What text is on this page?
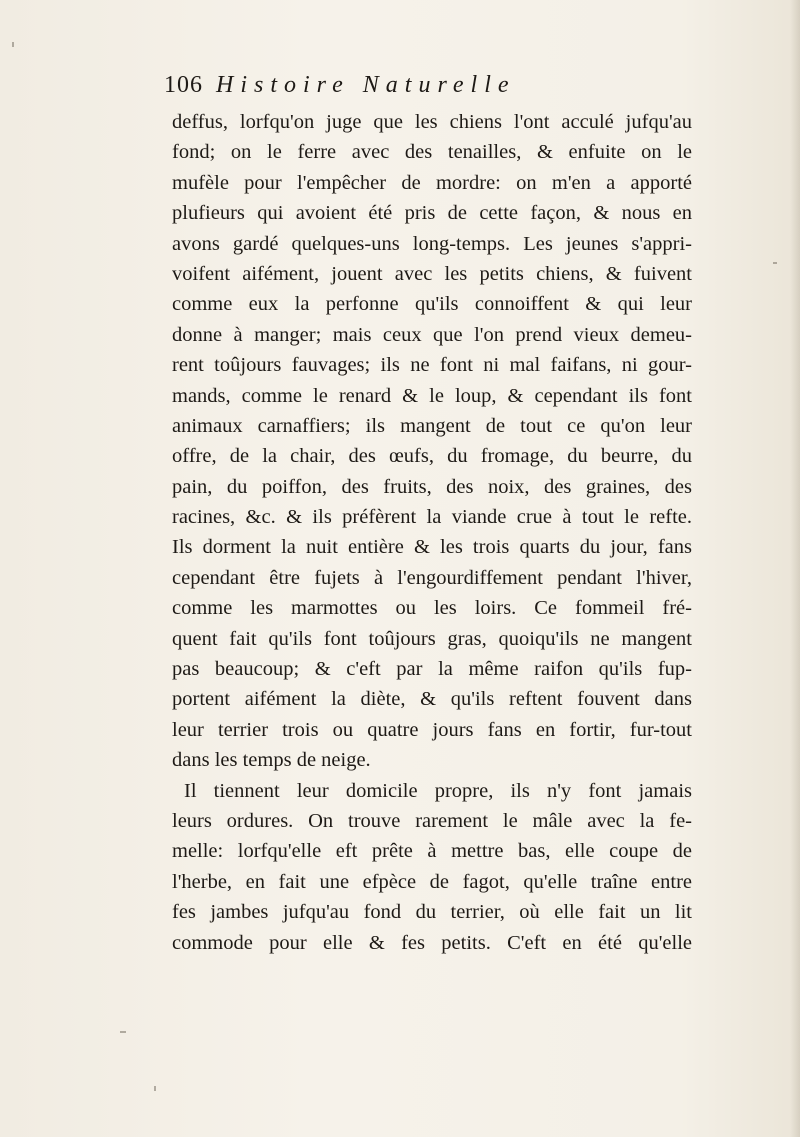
106 Histoire Naturelle
deffus, lorfqu'on juge que les chiens l'ont acculé jufqu'au
fond; on le ferre avec des tenailles, & enfuite on le
mufèle pour l'empêcher de mordre: on m'en a apporté
plufieurs qui avoient été pris de cette façon, & nous en
avons gardé quelques-uns long-temps. Les jeunes s'appri-
voifent aifément, jouent avec les petits chiens, & fuivent
comme eux la perfonne qu'ils connoiffent & qui leur
donne à manger; mais ceux que l'on prend vieux demeu-
rent toûjours fauvages; ils ne font ni mal faifans, ni gour-
mands, comme le renard & le loup, & cependant ils font
animaux carnaffiers; ils mangent de tout ce qu'on leur
offre, de la chair, des œufs, du fromage, du beurre, du
pain, du poiffon, des fruits, des noix, des graines, des
racines, &c. & ils préfèrent la viande crue à tout le refte.
Ils dorment la nuit entière & les trois quarts du jour, fans
cependant être fujets à l'engourdiffement pendant l'hiver,
comme les marmottes ou les loirs. Ce fommeil fré-
quent fait qu'ils font toûjours gras, quoiqu'ils ne mangent
pas beaucoup; & c'eft par la même raifon qu'ils fup-
portent aifément la diète, & qu'ils reftent fouvent dans
leur terrier trois ou quatre jours fans en fortir, fur-tout
dans les temps de neige.
Il tiennent leur domicile propre, ils n'y font jamais
leurs ordures. On trouve rarement le mâle avec la fe-
melle: lorfqu'elle eft prête à mettre bas, elle coupe de
l'herbe, en fait une efpèce de fagot, qu'elle traîne entre
fes jambes jufqu'au fond du terrier, où elle fait un lit
commode pour elle & fes petits. C'eft en été qu'elle
